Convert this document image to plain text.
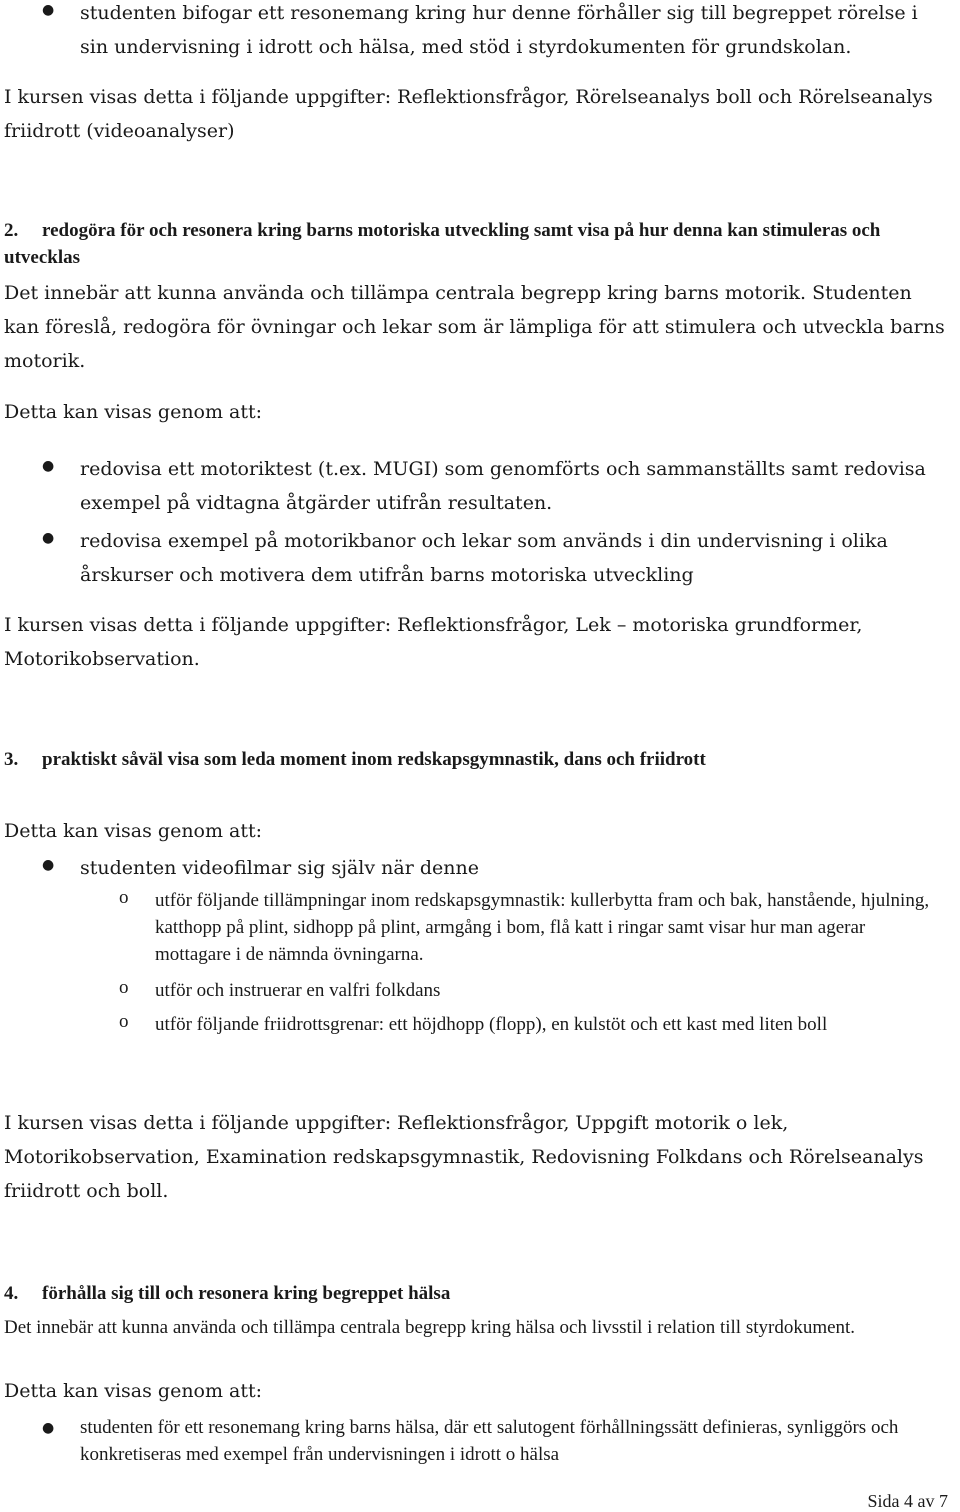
● studenten bifogar ett resonemang kring hur denne förhåller sig till begreppet rörelse i sin undervisning i idrott och hälsa, med stöd i styrdokumenten för grundskolan.

I kursen visas detta i följande uppgifter: Reflektionsfrågor, Rörelseanalys boll och Rörelseanalys friidrott (videoanalyser)

2. redogöra för och resonera kring barns motoriska utveckling samt visa på hur denna kan stimuleras och utvecklas

Det innebär att kunna använda och tillämpa centrala begrepp kring barns motorik. Studenten kan föreslå, redogöra för övningar och lekar som är lämpliga för att stimulera och utveckla barns motorik.

Detta kan visas genom att:

● redovisa ett motoriktest (t.ex. MUGI) som genomförts och sammanställts samt redovisa exempel på vidtagna åtgärder utifrån resultaten.

● redovisa exempel på motorikbanor och lekar som används i din undervisning i olika årskurser och motivera dem utifrån barns motoriska utveckling

I kursen visas detta i följande uppgifter: Reflektionsfrågor, Lek – motoriska grundformer, Motorikobservation.

3. praktiskt såväl visa som leda moment inom redskapsgymnastik, dans och friidrott

Detta kan visas genom att:

● studenten videofilmar sig själv när denne

o utför följande tillämpningar inom redskapsgymnastik: kullerbytta fram och bak, hanstående, hjulning, katthopp på plint, sidhopp på plint, armgång i bom, flå katt i ringar samt visar hur man agerar mottagare i de nämnda övningarna.

o utför och instruerar en valfri folkdans

o utför följande friidrottsgrenar: ett höjdhopp (flopp), en kulstöt och ett kast med liten boll

I kursen visas detta i följande uppgifter: Reflektionsfrågor, Uppgift motorik o lek, Motorikobservation, Examination redskapsgymnastik, Redovisning Folkdans och Rörelseanalys friidrott och boll.

4. förhålla sig till och resonera kring begreppet hälsa

Det innebär att kunna använda och tillämpa centrala begrepp kring hälsa och livsstil i relation till styrdokument.

Detta kan visas genom att:

● studenten för ett resonemang kring barns hälsa, där ett salutogent förhållningssätt definieras, synliggörs och konkretiseras med exempel från undervisningen i idrott o hälsa

Sida 4 av 7
